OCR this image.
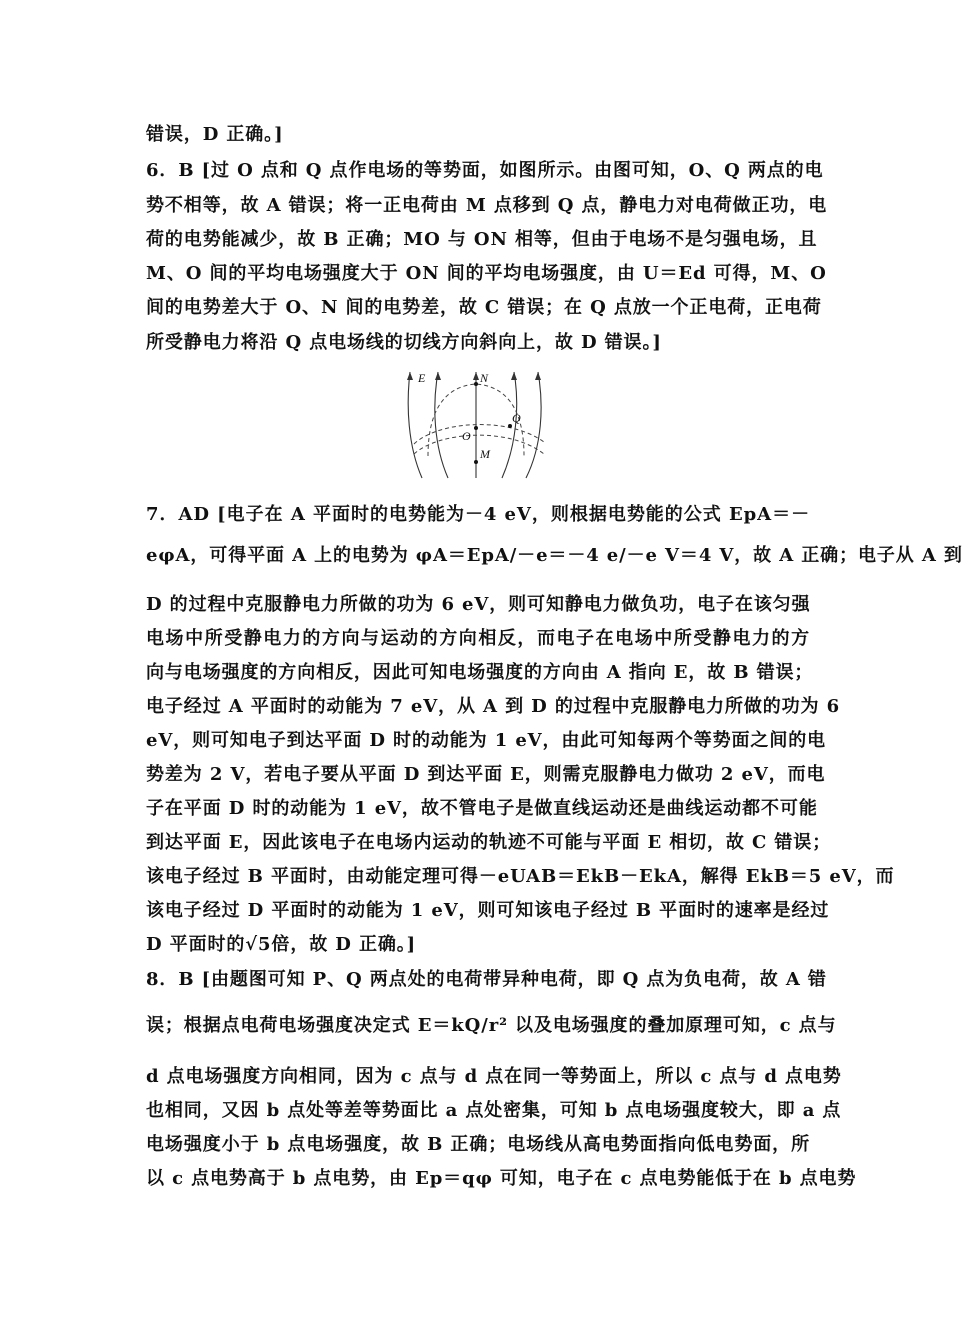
错误，D 正确。]
6．B [过 O 点和 Q 点作电场的等势面，如图所示。由图可知，O、Q 两点的电
势不相等，故 A 错误；将一正电荷由 M 点移到 Q 点，静电力对电荷做正功，电
荷的电势能减少，故 B 正确；MO 与 ON 相等，但由于电场不是匀强电场，且
M、O 间的平均电场强度大于 ON 间的平均电场强度，由 U＝Ed 可得，M、O
间的电势差大于 O、N 间的电势差，故 C 错误；在 Q 点放一个正电荷，正电荷
所受静电力将沿 Q 点电场线的切线方向斜向上，故 D 错误。]
E	N
Q
O
M
7．AD [电子在 A 平面时的电势能为－4 eV，则根据电势能的公式 EpA＝－
eφA，可得平面 A 上的电势为 φA＝EpA/－e＝－4 e/－e V＝4 V，故 A 正确；电子从 A 到
D 的过程中克服静电力所做的功为 6 eV，则可知静电力做负功，电子在该匀强
电场中所受静电力的方向与运动的方向相反，而电子在电场中所受静电力的方
向与电场强度的方向相反，因此可知电场强度的方向由 A 指向 E，故 B 错误；
电子经过 A 平面时的动能为 7 eV，从 A 到 D 的过程中克服静电力所做的功为 6
eV，则可知电子到达平面 D 时的动能为 1 eV，由此可知每两个等势面之间的电
势差为 2 V，若电子要从平面 D 到达平面 E，则需克服静电力做功 2 eV，而电
子在平面 D 时的动能为 1 eV，故不管电子是做直线运动还是曲线运动都不可能
到达平面 E，因此该电子在电场内运动的轨迹不可能与平面 E 相切，故 C 错误；
该电子经过 B 平面时，由动能定理可得－eUAB＝EkB－EkA，解得 EkB＝5 eV，而
该电子经过 D 平面时的动能为 1 eV，则可知该电子经过 B 平面时的速率是经过
D 平面时的√5倍，故 D 正确。]
8．B [由题图可知 P、Q 两点处的电荷带异种电荷，即 Q 点为负电荷，故 A 错
误；根据点电荷电场强度决定式 E＝kQ/r² 以及电场强度的叠加原理可知，c 点与
d 点电场强度方向相同，因为 c 点与 d 点在同一等势面上，所以 c 点与 d 点电势
也相同，又因 b 点处等差等势面比 a 点处密集，可知 b 点电场强度较大，即 a 点
电场强度小于 b 点电场强度，故 B 正确；电场线从高电势面指向低电势面，所
以 c 点电势高于 b 点电势，由 Ep＝qφ 可知，电子在 c 点电势能低于在 b 点电势
